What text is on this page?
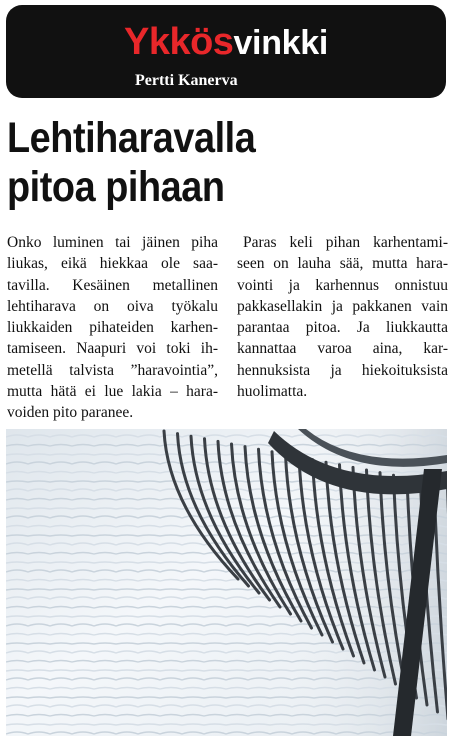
Ykkösvinkki
Pertti Kanerva
Lehtiharavalla
pitoa pihaan
Onko luminen tai jäinen piha
liukas, eikä hiekkaa ole saa-
tavilla. Kesäinen metallinen
lehtiharava on oiva työkalu
liukkaiden pihateiden karhen-
tamiseen. Naapuri voi toki ih-
metellä talvista ”haravointia”,
mutta hätä ei lue lakia – hara-
voiden pito paranee.
Paras keli pihan karhentami-
seen on lauha sää, mutta hara-
vointi ja karhennus onnistuu
pakkasellakin ja pakkanen vain
parantaa pitoa. Ja liukkautta
kannattaa varoa aina, kar-
hennuksista ja hiekoituksista
huolimatta.
